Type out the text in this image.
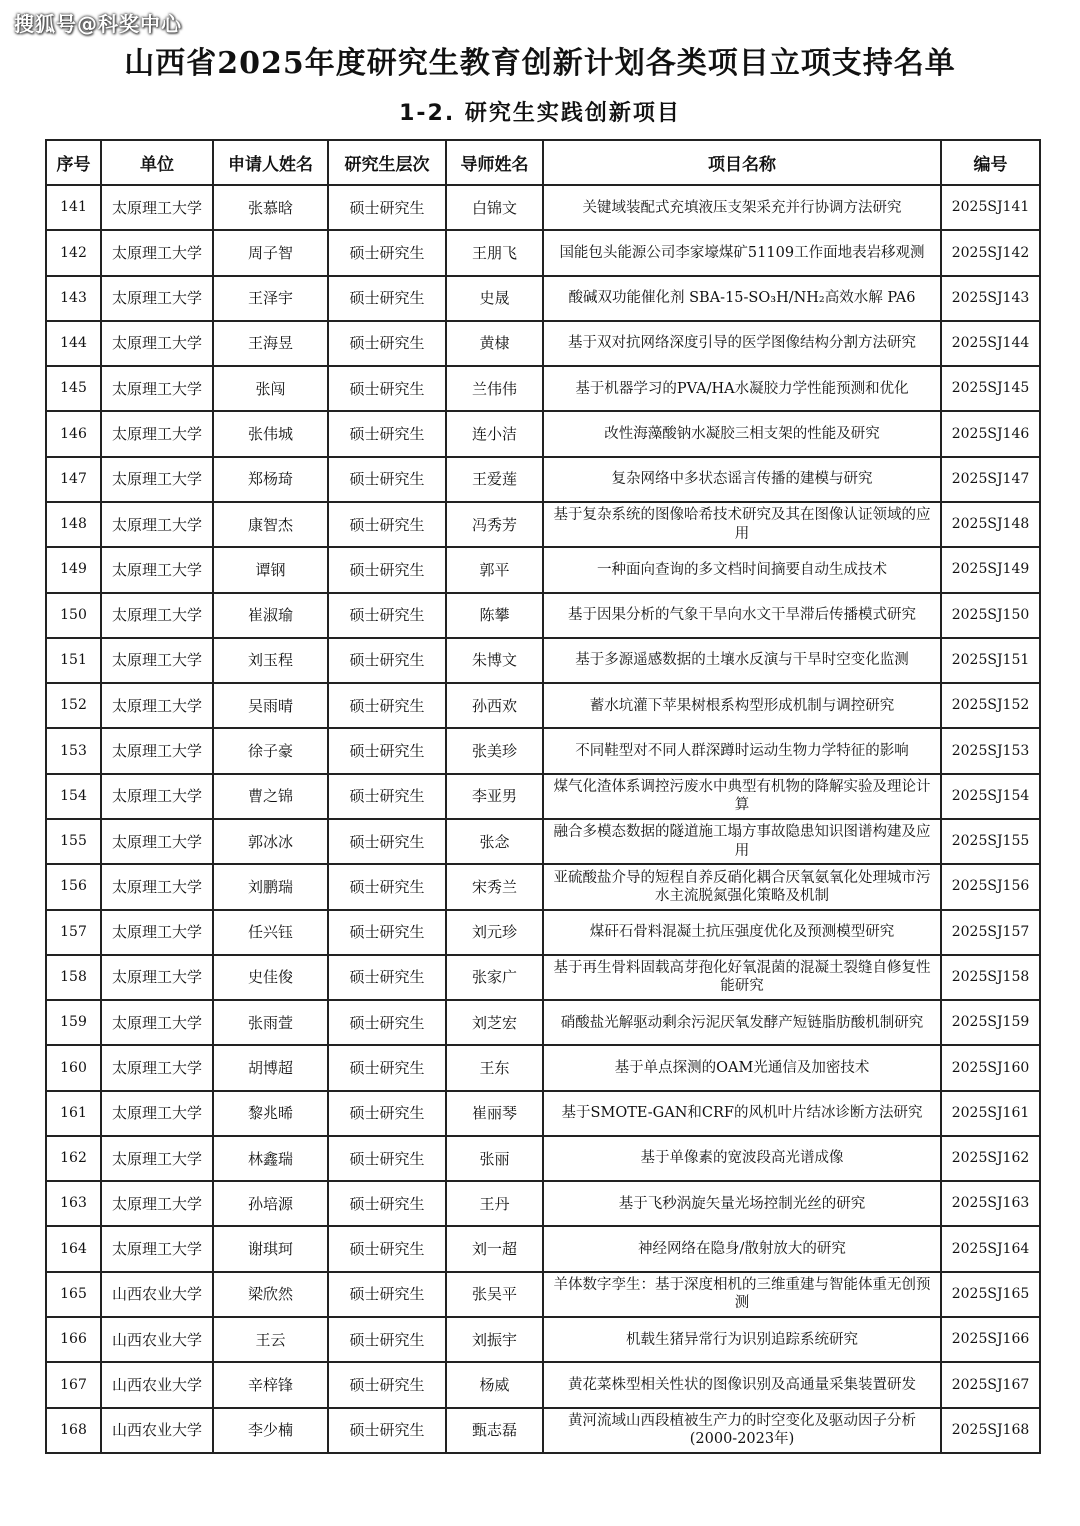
搜狐号@科奖中心
山西省2025年度研究生教育创新计划各类项目立项支持名单
1-2. 研究生实践创新项目
序号	单位	申请人姓名	研究生层次	导师姓名	项目名称	编号
141	太原理工大学	张慕晗	硕士研究生	白锦文	关键域装配式充填液压支架采充并行协调方法研究	2025SJ141
142	太原理工大学	周子智	硕士研究生	王朋飞	国能包头能源公司李家壕煤矿51109工作面地表岩移观测	2025SJ142
143	太原理工大学	王泽宇	硕士研究生	史晟	酸碱双功能催化剂 SBA-15-SO₃H/NH₂高效水解 PA6	2025SJ143
144	太原理工大学	王海昱	硕士研究生	黄棣	基于双对抗网络深度引导的医学图像结构分割方法研究	2025SJ144
145	太原理工大学	张闯	硕士研究生	兰伟伟	基于机器学习的PVA/HA水凝胶力学性能预测和优化	2025SJ145
146	太原理工大学	张伟城	硕士研究生	连小洁	改性海藻酸钠水凝胶三相支架的性能及研究	2025SJ146
147	太原理工大学	郑杨琦	硕士研究生	王爱莲	复杂网络中多状态谣言传播的建模与研究	2025SJ147
148	太原理工大学	康智杰	硕士研究生	冯秀芳	基于复杂系统的图像哈希技术研究及其在图像认证领域的应用	2025SJ148
149	太原理工大学	谭钢	硕士研究生	郭平	一种面向查询的多文档时间摘要自动生成技术	2025SJ149
150	太原理工大学	崔淑瑜	硕士研究生	陈攀	基于因果分析的气象干旱向水文干旱滞后传播模式研究	2025SJ150
151	太原理工大学	刘玉程	硕士研究生	朱博文	基于多源遥感数据的土壤水反演与干旱时空变化监测	2025SJ151
152	太原理工大学	吴雨晴	硕士研究生	孙西欢	蓄水坑灌下苹果树根系构型形成机制与调控研究	2025SJ152
153	太原理工大学	徐子豪	硕士研究生	张美珍	不同鞋型对不同人群深蹲时运动生物力学特征的影响	2025SJ153
154	太原理工大学	曹之锦	硕士研究生	李亚男	煤气化渣体系调控污废水中典型有机物的降解实验及理论计算	2025SJ154
155	太原理工大学	郭冰冰	硕士研究生	张念	融合多模态数据的隧道施工塌方事故隐患知识图谱构建及应用	2025SJ155
156	太原理工大学	刘鹏瑞	硕士研究生	宋秀兰	亚硫酸盐介导的短程自养反硝化耦合厌氧氨氧化处理城市污水主流脱氮强化策略及机制	2025SJ156
157	太原理工大学	任兴钰	硕士研究生	刘元珍	煤矸石骨料混凝土抗压强度优化及预测模型研究	2025SJ157
158	太原理工大学	史佳俊	硕士研究生	张家广	基于再生骨料固载高芽孢化好氧混菌的混凝土裂缝自修复性能研究	2025SJ158
159	太原理工大学	张雨萱	硕士研究生	刘芝宏	硝酸盐光解驱动剩余污泥厌氧发酵产短链脂肪酸机制研究	2025SJ159
160	太原理工大学	胡博超	硕士研究生	王东	基于单点探测的OAM光通信及加密技术	2025SJ160
161	太原理工大学	黎兆晞	硕士研究生	崔丽琴	基于SMOTE-GAN和CRF的风机叶片结冰诊断方法研究	2025SJ161
162	太原理工大学	林鑫瑞	硕士研究生	张丽	基于单像素的宽波段高光谱成像	2025SJ162
163	太原理工大学	孙培源	硕士研究生	王丹	基于飞秒涡旋矢量光场控制光丝的研究	2025SJ163
164	太原理工大学	谢琪珂	硕士研究生	刘一超	神经网络在隐身/散射放大的研究	2025SJ164
165	山西农业大学	梁欣然	硕士研究生	张吴平	羊体数字孪生：基于深度相机的三维重建与智能体重无创预测	2025SJ165
166	山西农业大学	王云	硕士研究生	刘振宇	机载生猪异常行为识别追踪系统研究	2025SJ166
167	山西农业大学	辛梓锋	硕士研究生	杨威	黄花菜株型相关性状的图像识别及高通量采集装置研发	2025SJ167
168	山西农业大学	李少楠	硕士研究生	甄志磊	黄河流域山西段植被生产力的时空变化及驱动因子分析(2000-2023年)	2025SJ168
